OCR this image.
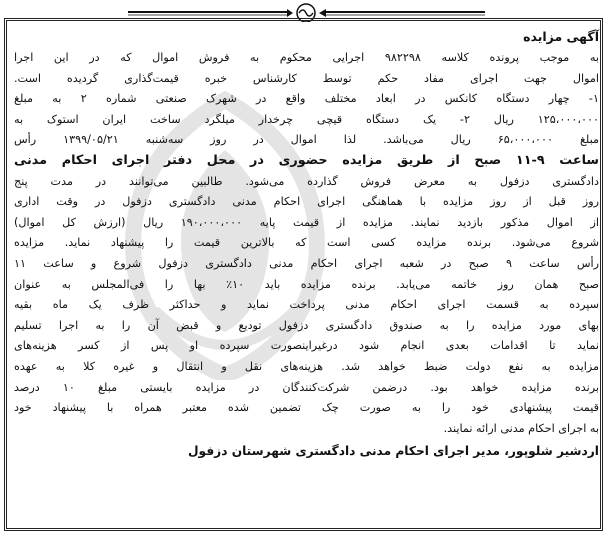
آگهی مزایده
به موجب پرونده کلاسه ۹۸۲۲۹۸ اجرایی محکوم به فروش اموال که در این اجرا
اموال جهت اجرای مفاد حکم توسط کارشناس خبره قیمت‌گذاری گردیده است.
۱- چهار دستگاه کانکس در ابعاد مختلف واقع در شهرک صنعتی شماره ۲ به مبلغ
۱۲۵،۰۰۰،۰۰۰ ریال ۲- یک دستگاه قیچی چرخدار میلگرد ساخت ایران استوک به
مبلغ ۶۵،۰۰۰،۰۰۰ ریال می‌باشد. لذا اموال در روز سه‌شنبه ۱۳۹۹/۰۵/۲۱ رأس
ساعت ۹-۱۱ صبح از طریق مزایده حضوری در محل دفتر اجرای احکام مدنی
دادگستری دزفول به معرض فروش گذارده می‌شود. طالبین می‌توانند در مدت پنج
روز قبل از روز مزایده با هماهنگی اجرای احکام مدنی دادگستری دزفول در وقت اداری
از اموال مذکور بازدید نمایند. مزایده از قیمت پایه ۱۹۰،۰۰۰،۰۰۰ ریال (ارزش کل اموال)
شروع می‌شود. برنده مزایده کسی است که بالاترین قیمت را پیشنهاد نماید. مزایده
رأس ساعت ۹ صبح در شعبه اجرای احکام مدنی دادگستری دزفول شروع و ساعت ۱۱
صبح همان روز خاتمه می‌یابد. برنده مزایده باید ۱۰٪ بها را فی‌المجلس به عنوان
سپرده به قسمت اجرای احکام مدنی پرداخت نماید و حداکثر ظرف یک ماه بقیه
بهای مورد مزایده را به صندوق دادگستری دزفول تودیع و قبض آن را به اجرا تسلیم
نماید تا اقدامات بعدی انجام شود درغیراینصورت سپرده او پس از کسر هزینه‌های
مزایده به نفع دولت ضبط خواهد شد. هزینه‌های نقل و انتقال و غیره کلا به عهده
برنده مزایده خواهد بود. درضمن شرکت‌کنندگان در مزایده بایستی مبلغ ۱۰ درصد
قیمت پیشنهادی خود را به صورت چک تضمین شده معتبر همراه با پیشنهاد خود
به اجرای احکام مدنی ارائه نمایند.
اردشیر شلوپور، مدیر اجرای احکام مدنی دادگستری شهرستان دزفول
